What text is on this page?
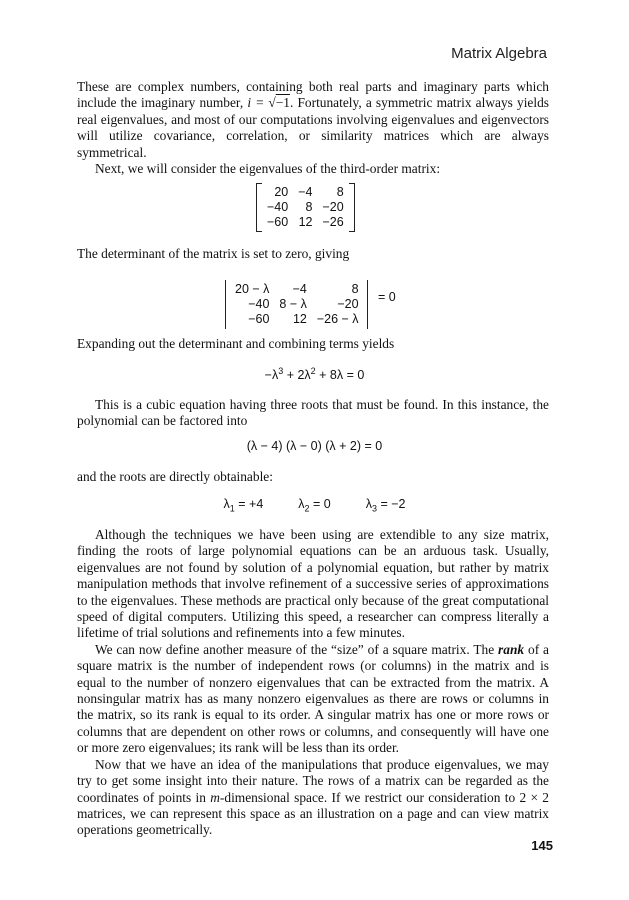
Matrix Algebra

These are complex numbers, containing both real parts and imaginary parts which include the imaginary number, i = √−1. Fortunately, a symmetric matrix always yields real eigenvalues, and most of our computations involving eigenvalues and eigenvectors will utilize covariance, correlation, or similarity matrices which are always symmetrical.

Next, we will consider the eigenvalues of the third-order matrix:

20	−4	8
−40	8	−20
−60	12	−26

The determinant of the matrix is set to zero, giving

20 − λ	−4	8
−40	8 − λ	−20
−60	12	−26 − λ
= 0

Expanding out the determinant and combining terms yields

$-\lambda^3 + 2\lambda^2 + 8\lambda = 0$

This is a cubic equation having three roots that must be found. In this instance, the polynomial can be factored into

(λ − 4) (λ − 0) (λ + 2) = 0

and the roots are directly obtainable:

$\lambda_1 = +4$	$\lambda_2 = 0$	$\lambda_3 = -2$

Although the techniques we have been using are extendible to any size matrix, finding the roots of large polynomial equations can be an arduous task. Usually, eigenvalues are not found by solution of a polynomial equation, but rather by matrix manipulation methods that involve refinement of a successive series of approximations to the eigenvalues. These methods are practical only because of the great computational speed of digital computers. Utilizing this speed, a researcher can compress literally a lifetime of trial solutions and refinements into a few minutes.

We can now define another measure of the “size” of a square matrix. The rank of a square matrix is the number of independent rows (or columns) in the matrix and is equal to the number of nonzero eigenvalues that can be extracted from the matrix. A nonsingular matrix has as many nonzero eigenvalues as there are rows or columns in the matrix, so its rank is equal to its order. A singular matrix has one or more rows or columns that are dependent on other rows or columns, and consequently will have one or more zero eigenvalues; its rank will be less than its order.

Now that we have an idea of the manipulations that produce eigenvalues, we may try to get some insight into their nature. The rows of a matrix can be regarded as the coordinates of points in m-dimensional space. If we restrict our consideration to 2 × 2 matrices, we can represent this space as an illustration on a page and can view matrix operations geometrically.

145
